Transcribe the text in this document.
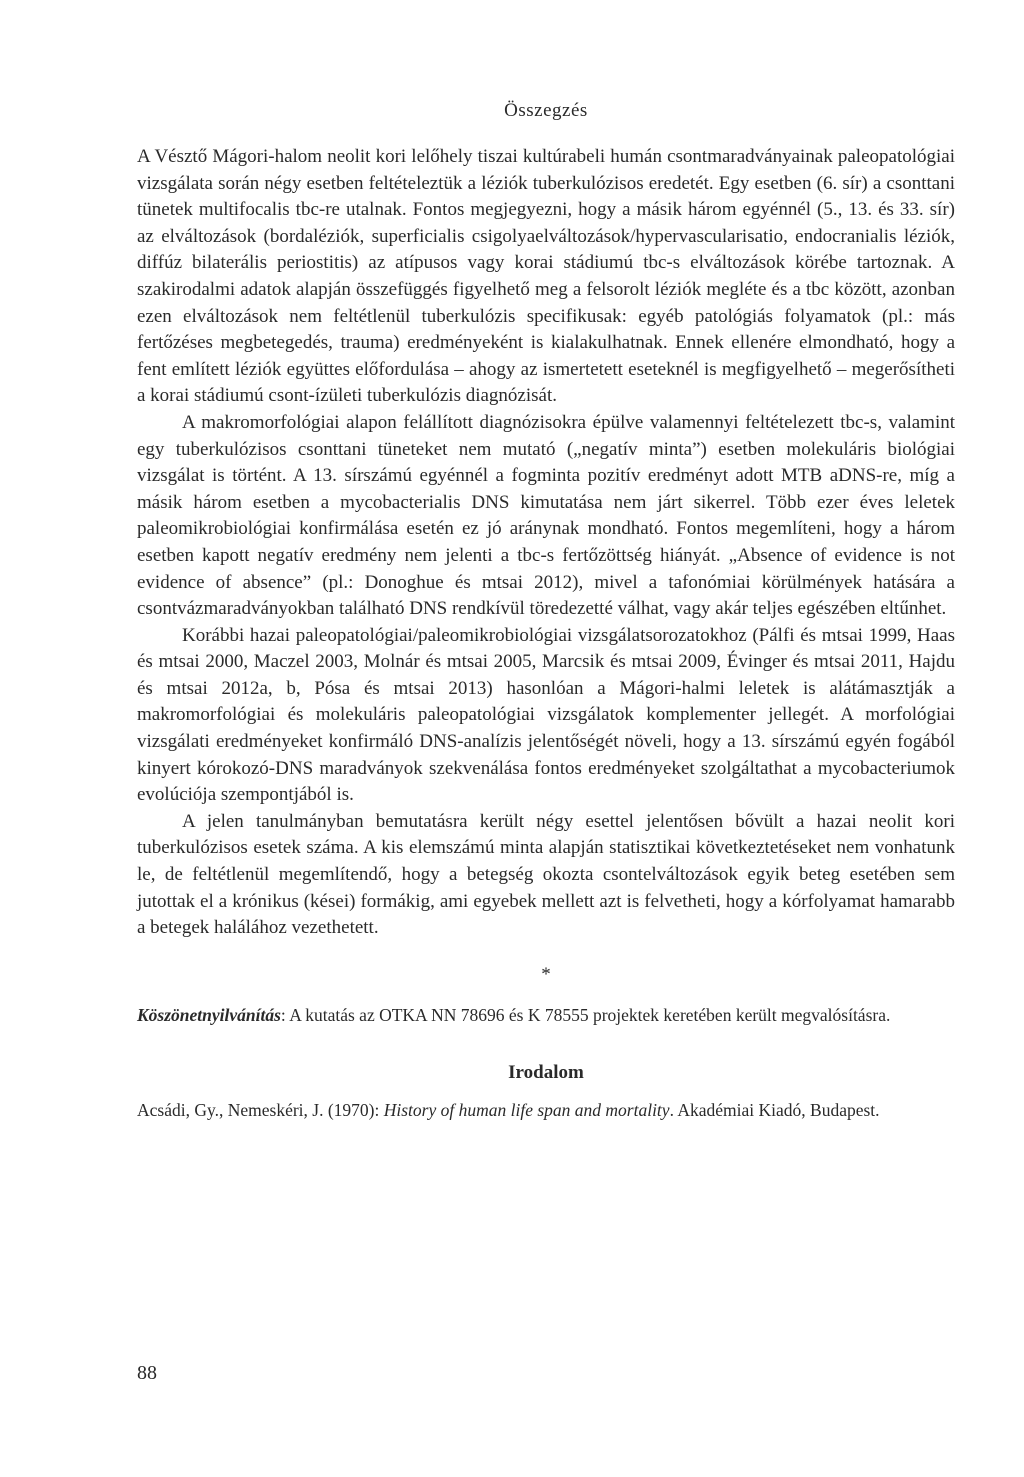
Összegzés

A Vésztő Mágori-halom neolit kori lelőhely tiszai kultúrabeli humán csontmaradványainak paleopatológiai vizsgálata során négy esetben feltételeztük a léziók tuberkulózisos eredetét. Egy esetben (6. sír) a csonttani tünetek multifocalis tbc-re utalnak. Fontos megjegyezni, hogy a másik három egyénnél (5., 13. és 33. sír) az elváltozások (bordaléziók, superficialis csigolyaelváltozások/hypervascularisatio, endocranialis léziók, diffúz bilaterális periostitis) az atípusos vagy korai stádiumú tbc-s elváltozások körébe tartoznak. A szakirodalmi adatok alapján összefüggés figyelhető meg a felsorolt léziók megléte és a tbc között, azonban ezen elváltozások nem feltétlenül tuberkulózis specifikusak: egyéb patológiás folyamatok (pl.: más fertőzéses megbetegedés, trauma) eredményeként is kialakulhatnak. Ennek ellenére elmondható, hogy a fent említett léziók együttes előfordulása – ahogy az ismertetett eseteknél is megfigyelhető – megerősítheti a korai stádiumú csont-ízületi tuberkulózis diagnózisát.

A makromorfológiai alapon felállított diagnózisokra épülve valamennyi feltételezett tbc-s, valamint egy tuberkulózisos csonttani tüneteket nem mutató („negatív minta”) esetben molekuláris biológiai vizsgálat is történt. A 13. sírszámú egyénnél a fogminta pozitív eredményt adott MTB aDNS-re, míg a másik három esetben a mycobacterialis DNS kimutatása nem járt sikerrel. Több ezer éves leletek paleomikrobiológiai konfirmálása esetén ez jó aránynak mondható. Fontos megemlíteni, hogy a három esetben kapott negatív eredmény nem jelenti a tbc-s fertőzöttség hiányát. „Absence of evidence is not evidence of absence” (pl.: Donoghue és mtsai 2012), mivel a tafonómiai körülmények hatására a csontvázmaradványokban található DNS rendkívül töredezetté válhat, vagy akár teljes egészében eltűnhet.

Korábbi hazai paleopatológiai/paleomikrobiológiai vizsgálatsorozatokhoz (Pálfi és mtsai 1999, Haas és mtsai 2000, Maczel 2003, Molnár és mtsai 2005, Marcsik és mtsai 2009, Évinger és mtsai 2011, Hajdu és mtsai 2012a, b, Pósa és mtsai 2013) hasonlóan a Mágori-halmi leletek is alátámasztják a makromorfológiai és molekuláris paleopatológiai vizsgálatok komplementer jellegét. A morfológiai vizsgálati eredményeket konfirmáló DNS-analízis jelentőségét növeli, hogy a 13. sírszámú egyén fogából kinyert kórokozó-DNS maradványok szekvenálása fontos eredményeket szolgáltathat a mycobacteriumok evolúciója szempontjából is.

A jelen tanulmányban bemutatásra került négy esettel jelentősen bővült a hazai neolit kori tuberkulózisos esetek száma. A kis elemszámú minta alapján statisztikai következtetéseket nem vonhatunk le, de feltétlenül megemlítendő, hogy a betegség okozta csontelváltozások egyik beteg esetében sem jutottak el a krónikus (kései) formákig, ami egyebek mellett azt is felvetheti, hogy a kórfolyamat hamarabb a betegek halálához vezethetett.

*

Köszönetnyilvánítás: A kutatás az OTKA NN 78696 és K 78555 projektek keretében került megvalósításra.

Irodalom

Acsádi, Gy., Nemeskéri, J. (1970): History of human life span and mortality. Akadémiai Kiadó, Budapest.

88
